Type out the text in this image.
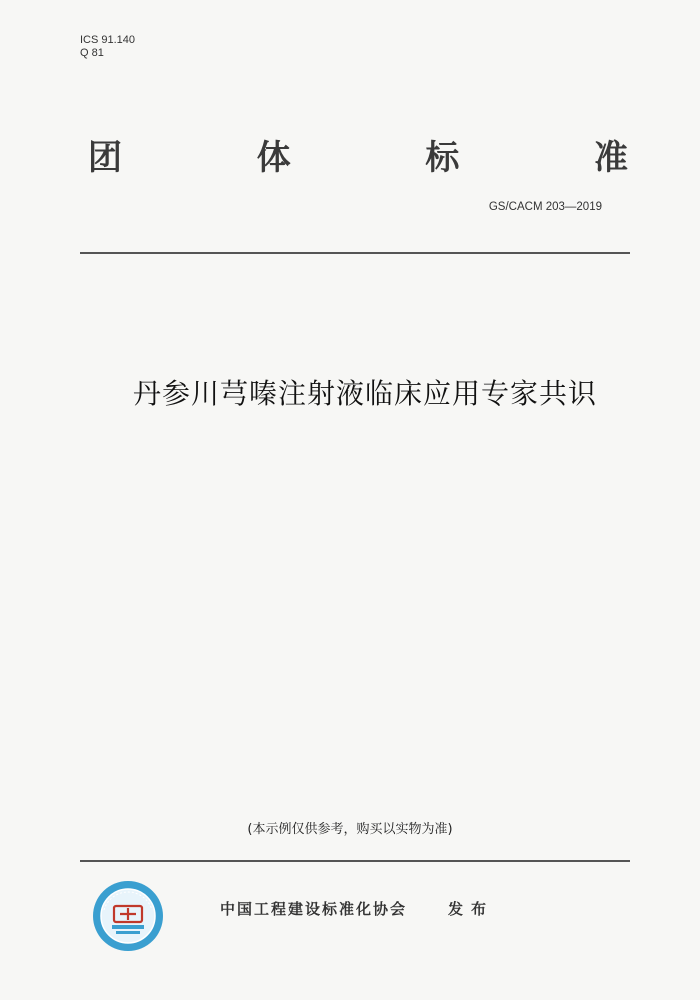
ICS 91.140
Q 81
团	体	标	准
GS/CACM 203—2019
丹参川芎嗪注射液临床应用专家共识
(本示例仅供参考，购买以实物为准)
中国工程建设标准化协会	发布
